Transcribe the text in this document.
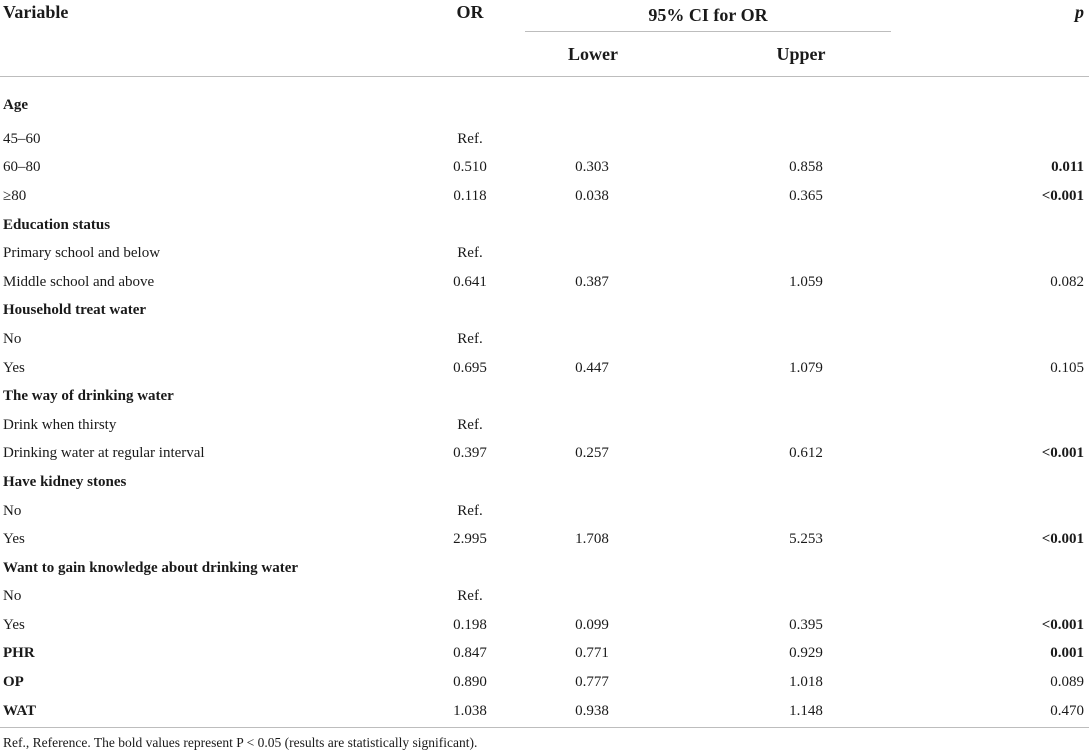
Variable	OR	95% CI for OR		p
		Lower	Upper	

Age				
45–60	Ref.			
60–80	0.510	0.303	0.858	0.011
≥80	0.118	0.038	0.365	<0.001
Education status				
Primary school and below	Ref.			
Middle school and above	0.641	0.387	1.059	0.082
Household treat water				
No	Ref.			
Yes	0.695	0.447	1.079	0.105
The way of drinking water				
Drink when thirsty	Ref.			
Drinking water at regular interval	0.397	0.257	0.612	<0.001
Have kidney stones				
No	Ref.			
Yes	2.995	1.708	5.253	<0.001
Want to gain knowledge about drinking water				
No	Ref.			
Yes	0.198	0.099	0.395	<0.001
PHR	0.847	0.771	0.929	0.001
OP	0.890	0.777	1.018	0.089
WAT	1.038	0.938	1.148	0.470
Ref., Reference. The bold values represent P < 0.05 (results are statistically significant).
